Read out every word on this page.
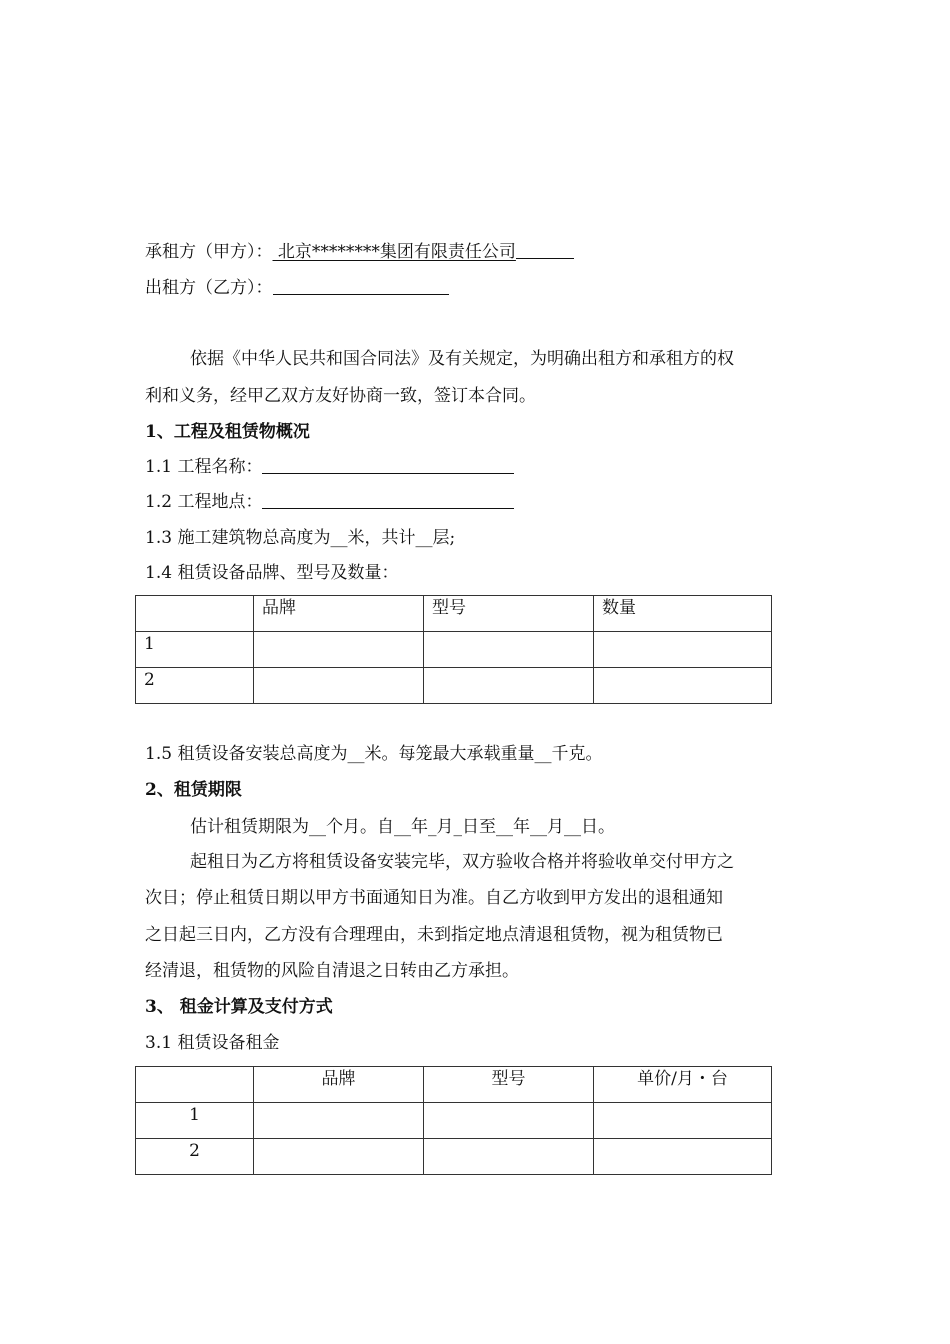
承租方（甲方）： 北京********集团有限责任公司
出租方（乙方）：
依据《中华人民共和国合同法》及有关规定，为明确出租方和承租方的权
利和义务，经甲乙双方友好协商一致，签订本合同。
1、工程及租赁物概况
1.1 工程名称：
1.2 工程地点：
1.3 施工建筑物总高度为__米，共计__层;
1.4 租赁设备品牌、型号及数量：
	品牌	型号	数量
1			
2			
1.5 租赁设备安装总高度为__米。每笼最大承载重量__千克。
2、租赁期限
估计租赁期限为__个月。自__年_月_日至__年__月__日。
起租日为乙方将租赁设备安装完毕，双方验收合格并将验收单交付甲方之
次日；停止租赁日期以甲方书面通知日为准。自乙方收到甲方发出的退租通知
之日起三日内，乙方没有合理理由，未到指定地点清退租赁物，视为租赁物已
经清退，租赁物的风险自清退之日转由乙方承担。
3、 租金计算及支付方式
3.1 租赁设备租金
	品牌	型号	单价/月・台
1			
2			
